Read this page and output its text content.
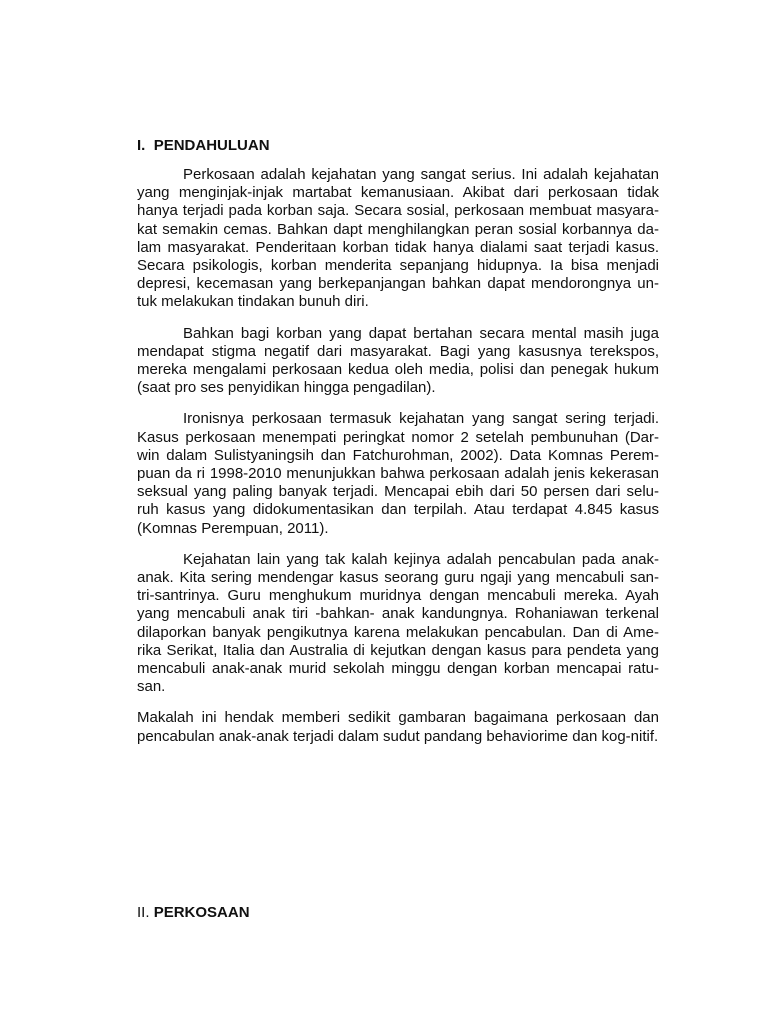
I. PENDAHULUAN

Perkosaan adalah kejahatan yang sangat serius. Ini adalah kejahatan yang menginjak-injak martabat kemanusiaan. Akibat dari perkosaan tidak hanya terjadi pada korban saja. Secara sosial, perkosaan membuat masyara-kat semakin cemas. Bahkan dapt menghilangkan peran sosial korbannya da-lam masyarakat. Penderitaan korban tidak hanya dialami saat terjadi kasus. Secara psikologis, korban menderita sepanjang hidupnya. Ia bisa menjadi depresi, kecemasan yang berkepanjangan bahkan dapat mendorongnya un-tuk melakukan tindakan bunuh diri.

Bahkan bagi korban yang dapat bertahan secara mental masih juga mendapat stigma negatif dari masyarakat. Bagi yang kasusnya terekspos, mereka mengalami perkosaan kedua oleh media, polisi dan penegak hukum (saat pro ses penyidikan hingga pengadilan).

Ironisnya perkosaan termasuk kejahatan yang sangat sering terjadi. Kasus perkosaan menempati peringkat nomor 2 setelah pembunuhan (Dar-win dalam Sulistyaningsih dan Fatchurohman, 2002). Data Komnas Perem-puan da ri 1998-2010 menunjukkan bahwa perkosaan adalah jenis kekerasan seksual yang paling banyak terjadi. Mencapai ebih dari 50 persen dari selu-ruh kasus yang didokumentasikan dan terpilah. Atau terdapat 4.845 kasus (Komnas Perempuan, 2011).

Kejahatan lain yang tak kalah kejinya adalah pencabulan pada anak-anak. Kita sering mendengar kasus seorang guru ngaji yang mencabuli san-tri-santrinya. Guru menghukum muridnya dengan mencabuli mereka. Ayah yang mencabuli anak tiri -bahkan- anak kandungnya. Rohaniawan terkenal dilaporkan banyak pengikutnya karena melakukan pencabulan. Dan di Ame-rika Serikat, Italia dan Australia di kejutkan dengan kasus para pendeta yang mencabuli anak-anak murid sekolah minggu dengan korban mencapai ratu-san.

Makalah ini hendak memberi sedikit gambaran bagaimana perkosaan dan pencabulan anak-anak terjadi dalam sudut pandang behaviorime dan kog-nitif.

II. PERKOSAAN
